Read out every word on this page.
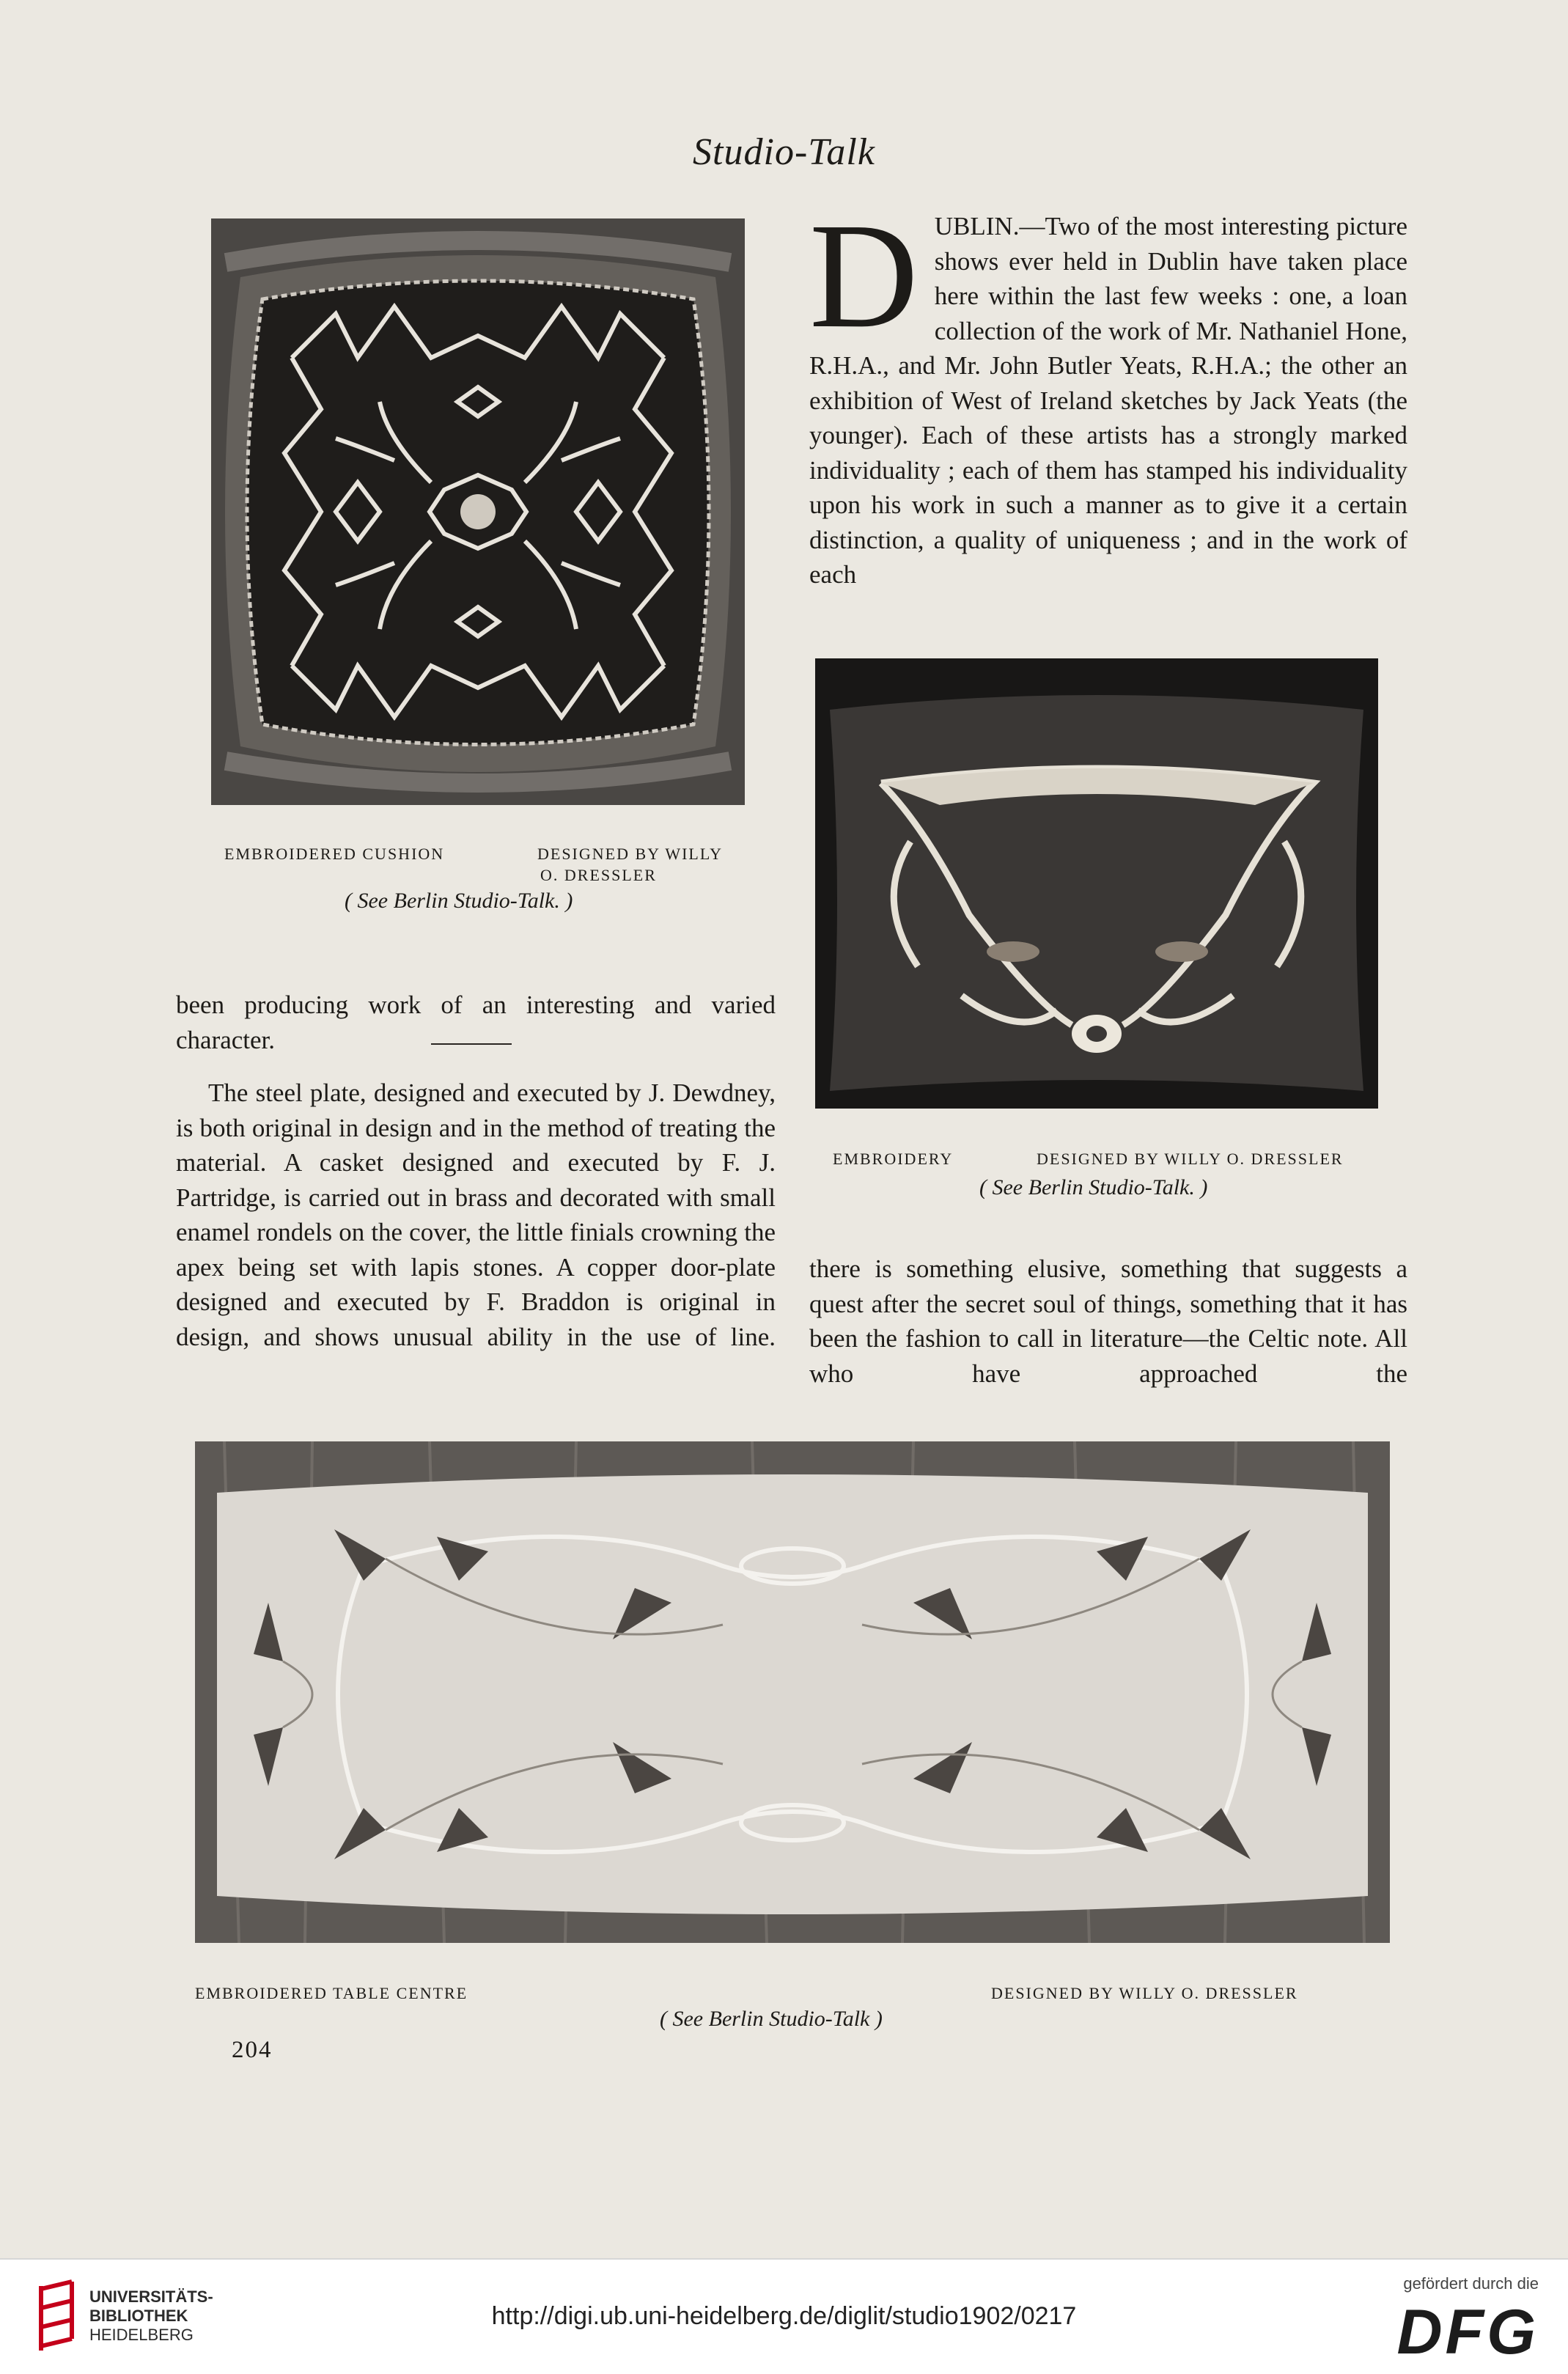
Studio-Talk
EMBROIDERED CUSHION	DESIGNED BY WILLY
O. DRESSLER
( See Berlin Studio-Talk. )

DUBLIN.—Two of the most interesting picture shows ever held in Dublin have taken place here within the last few weeks : one, a loan collection of the work of Mr. Nathaniel Hone, R.H.A., and Mr. John Butler Yeats, R.H.A.; the other an exhibition of West of Ireland sketches by Jack Yeats (the younger). Each of these artists has a strongly marked individuality ; each of them has stamped his individuality upon his work in such a manner as to give it a certain distinction, a quality of uniqueness ; and in the work of each

EMBROIDERY	DESIGNED BY WILLY O. DRESSLER
( See Berlin Studio-Talk. )

been producing work of an interesting and varied character.

The steel plate, designed and executed by J. Dewdney, is both original in design and in the method of treating the material. A casket designed and executed by F. J. Partridge, is carried out in brass and decorated with small enamel rondels on the cover, the little finials crowning the apex being set with lapis stones. A copper door-plate designed and executed by F. Braddon is original in design, and shows unusual ability in the use of line.

there is something elusive, something that suggests a quest after the secret soul of things, something that it has been the fashion to call in literature—the Celtic note. All who have approached the

EMBROIDERED TABLE CENTRE	DESIGNED BY WILLY O. DRESSLER
( See Berlin Studio-Talk )
204
UNIVERSITÄTS-
BIBLIOTHEK
HEIDELBERG
http://digi.ub.uni-heidelberg.de/diglit/studio1902/0217
gefördert durch die
DFG
